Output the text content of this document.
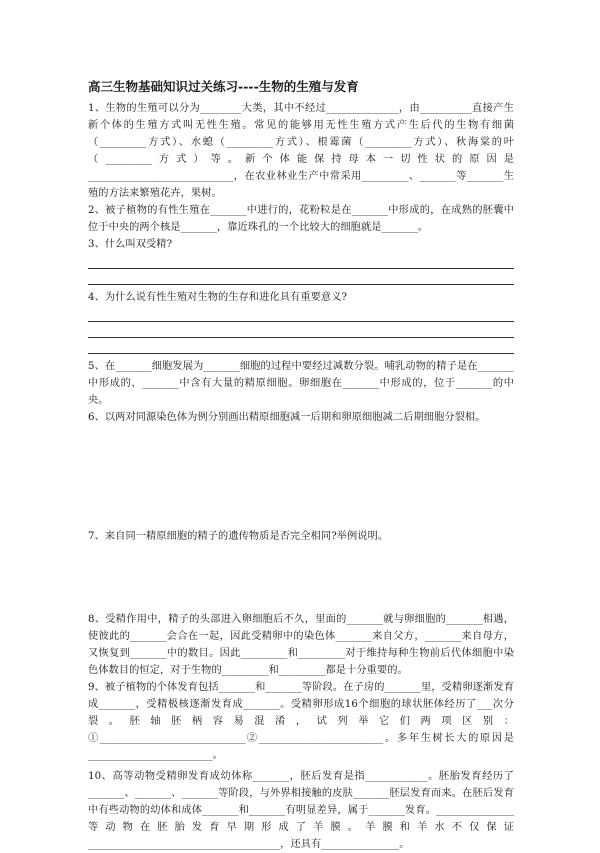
高三生物基础知识过关练习----生物的生殖与发育

1、生物的生殖可以分为________大类，其中不经过______________，由__________直接产生新个体的生殖方式叫无性生殖。常见的能够用无性生殖方式产生后代的生物有细菌（_________方式）、水螅（_________方式）、根霉菌（_________方式）、秋海棠的叶（_________方式）等。新个体能保持母本一切性状的原因是____________________________，在农业林业生产中常采用_________、_______等_______生殖的方法来繁殖花卉，果树。

2、被子植物的有性生殖在_______中进行的，花粉粒是在_______中形成的，在成熟的胚囊中位于中央的两个核是_______，靠近珠孔的一个比较大的细胞就是_______。

3、什么叫双受精?

4、为什么说有性生殖对生物的生存和进化具有重要意义?

5、在_______细胞发展为_______细胞的过程中要经过减数分裂。哺乳动物的精子是在_______中形成的，_______中含有大量的精原细胞。卵细胞在_______中形成的，位于_______的中央。

6、以两对同源染色体为例分别画出精原细胞减一后期和卵原细胞减二后期细胞分裂相。

7、来自同一精原细胞的精子的遗传物质是否完全相同?举例说明。

8、受精作用中，精子的头部进入卵细胞后不久，里面的_______就与卵细胞的_______相遇，使彼此的_______会合在一起，因此受精卵中的染色体_______来自父方，_______来自母方，又恢复到_______中的数目。因此_________和_________对于维持每种生物前后代体细胞中染色体数目的恒定，对于生物的_________和_________都是十分重要的。

9、被子植物的个体发育包括_______和_______等阶段。在子房的_______里，受精卵逐渐发育成_______，受精极核逐渐发育成_______。受精卵形成16个细胞的球状胚体经历了___次分裂。胚轴胚柄容易混淆，试列举它们两项区别：①____________________________②________________________。多年生树长大的原因是________________________。

10、高等动物受精卵发育成幼体称_______，胚后发育是指____________。胚胎发育经历了_______、_______、_______等阶段，与外界相接触的皮肤_______胚层发育而来。在胚后发育中有些动物的幼体和成体_______和_______有明显差异，属于_______发育。_______________等动物在胚胎发育早期形成了羊膜。羊膜和羊水不仅保证_____________________________________，还具有_______________。
